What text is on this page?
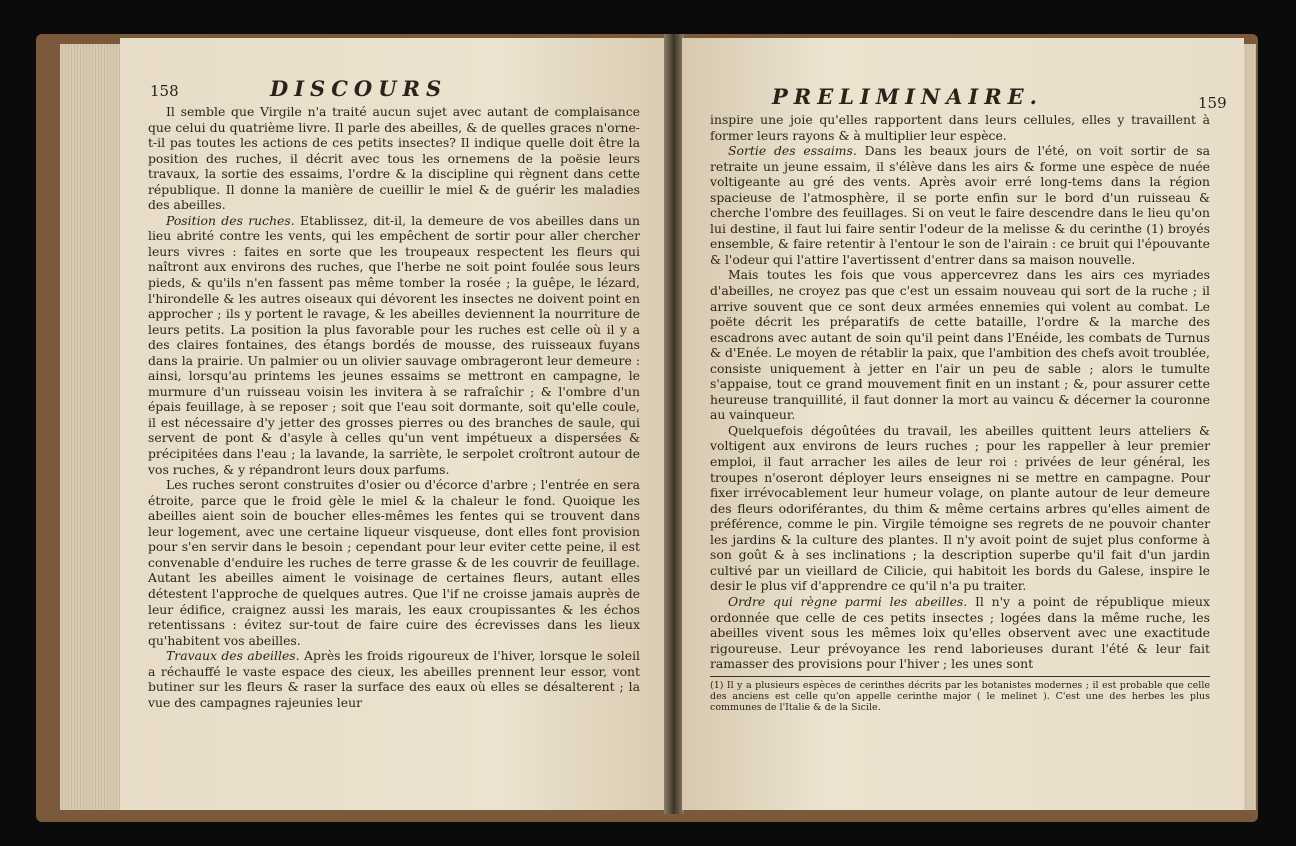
158	DISCOURS

Il semble que Virgile n'a traité aucun sujet avec autant de complaisance que celui du quatrième livre. Il parle des abeilles, & de quelles graces n'orne-t-il pas toutes les actions de ces petits insectes? Il indique quelle doit être la position des ruches, il décrit avec tous les ornemens de la poësie leurs travaux, la sortie des essaims, l'ordre & la discipline qui règnent dans cette république. Il donne la manière de cueillir le miel & de guérir les maladies des abeilles.

Position des ruches. Etablissez, dit-il, la demeure de vos abeilles dans un lieu abrité contre les vents, qui les empêchent de sortir pour aller chercher leurs vivres : faites en sorte que les troupeaux respectent les fleurs qui naîtront aux environs des ruches, que l'herbe ne soit point foulée sous leurs pieds, & qu'ils n'en fassent pas même tomber la rosée ; la guêpe, le lézard, l'hirondelle & les autres oiseaux qui dévorent les insectes ne doivent point en approcher ; ils y portent le ravage, & les abeilles deviennent la nourriture de leurs petits. La position la plus favorable pour les ruches est celle où il y a des claires fontaines, des étangs bordés de mousse, des ruisseaux fuyans dans la prairie. Un palmier ou un olivier sauvage ombrageront leur demeure : ainsi, lorsqu'au printems les jeunes essaims se mettront en campagne, le murmure d'un ruisseau voisin les invitera à se rafraîchir ; & l'ombre d'un épais feuillage, à se reposer ; soit que l'eau soit dormante, soit qu'elle coule, il est nécessaire d'y jetter des grosses pierres ou des branches de saule, qui servent de pont & d'asyle à celles qu'un vent impétueux a dispersées & précipitées dans l'eau ; la lavande, la sarriète, le serpolet croîtront autour de vos ruches, & y répandront leurs doux parfums.

Les ruches seront construites d'osier ou d'écorce d'arbre ; l'entrée en sera étroite, parce que le froid gèle le miel & la chaleur le fond. Quoique les abeilles aient soin de boucher elles-mêmes les fentes qui se trouvent dans leur logement, avec une certaine liqueur visqueuse, dont elles font provision pour s'en servir dans le besoin ; cependant pour leur eviter cette peine, il est convenable d'enduire les ruches de terre grasse & de les couvrir de feuillage. Autant les abeilles aiment le voisinage de certaines fleurs, autant elles détestent l'approche de quelques autres. Que l'if ne croisse jamais auprès de leur édifice, craignez aussi les marais, les eaux croupissantes & les échos retentissans : évitez sur-tout de faire cuire des écrevisses dans les lieux qu'habitent vos abeilles.

Travaux des abeilles. Après les froids rigoureux de l'hiver, lorsque le soleil a réchauffé le vaste espace des cieux, les abeilles prennent leur essor, vont butiner sur les fleurs & raser la surface des eaux où elles se désalterent ; la vue des campagnes rajeunies leur

PRELIMINAIRE.	159

inspire une joie qu'elles rapportent dans leurs cellules, elles y travaillent à former leurs rayons & à multiplier leur espèce.

Sortie des essaims. Dans les beaux jours de l'été, on voit sortir de sa retraite un jeune essaim, il s'élève dans les airs & forme une espèce de nuée voltigeante au gré des vents. Après avoir erré long-tems dans la région spacieuse de l'atmosphère, il se porte enfin sur le bord d'un ruisseau & cherche l'ombre des feuillages. Si on veut le faire descendre dans le lieu qu'on lui destine, il faut lui faire sentir l'odeur de la melisse & du cerinthe (1) broyés ensemble, & faire retentir à l'entour le son de l'airain : ce bruit qui l'épouvante & l'odeur qui l'attire l'avertissent d'entrer dans sa maison nouvelle.

Mais toutes les fois que vous appercevrez dans les airs ces myriades d'abeilles, ne croyez pas que c'est un essaim nouveau qui sort de la ruche ; il arrive souvent que ce sont deux armées ennemies qui volent au combat. Le poëte décrit les préparatifs de cette bataille, l'ordre & la marche des escadrons avec autant de soin qu'il peint dans l'Enéide, les combats de Turnus & d'Enée. Le moyen de rétablir la paix, que l'ambition des chefs avoit troublée, consiste uniquement à jetter en l'air un peu de sable ; alors le tumulte s'appaise, tout ce grand mouvement finit en un instant ; &, pour assurer cette heureuse tranquillité, il faut donner la mort au vaincu & décerner la couronne au vainqueur.

Quelquefois dégoûtées du travail, les abeilles quittent leurs atteliers & voltigent aux environs de leurs ruches ; pour les rappeller à leur premier emploi, il faut arracher les ailes de leur roi : privées de leur général, les troupes n'oseront déployer leurs enseignes ni se mettre en campagne. Pour fixer irrévocablement leur humeur volage, on plante autour de leur demeure des fleurs odoriférantes, du thim & même certains arbres qu'elles aiment de préférence, comme le pin. Virgile témoigne ses regrets de ne pouvoir chanter les jardins & la culture des plantes. Il n'y avoit point de sujet plus conforme à son goût & à ses inclinations ; la description superbe qu'il fait d'un jardin cultivé par un vieillard de Cilicie, qui habitoit les bords du Galese, inspire le desir le plus vif d'apprendre ce qu'il n'a pu traiter.

Ordre qui règne parmi les abeilles. Il n'y a point de république mieux ordonnée que celle de ces petits insectes ; logées dans la même ruche, les abeilles vivent sous les mêmes loix qu'elles observent avec une exactitude rigoureuse. Leur prévoyance les rend laborieuses durant l'été & leur fait ramasser des provisions pour l'hiver ; les unes sont

(1) Il y a plusieurs espèces de cerinthes décrits par les botanistes modernes ; il est probable que celle des anciens est celle qu'on appelle cerinthe major ( le melinet ). C'est une des herbes les plus communes de l'Italie & de la Sicile.
